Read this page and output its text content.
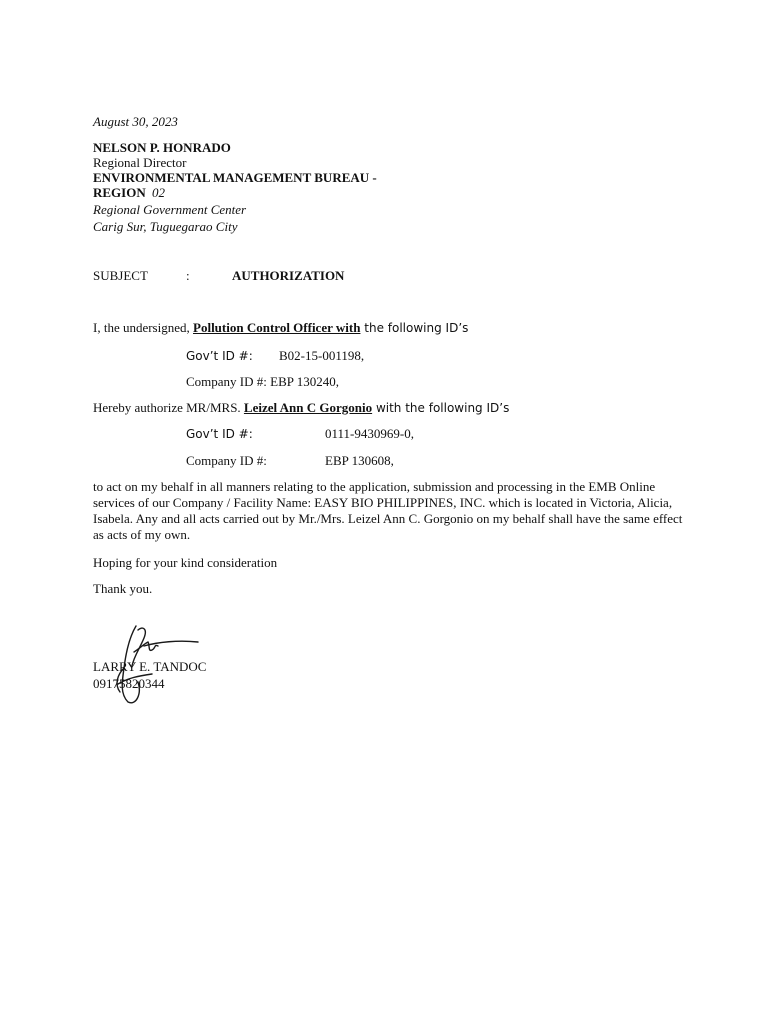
August 30, 2023
NELSON P. HONRADO
Regional Director
ENVIRONMENTAL MANAGEMENT BUREAU -
REGION 02
Regional Government Center
Carig Sur, Tuguegarao City
SUBJECT	:	AUTHORIZATION
I, the undersigned, Pollution Control Officer with the following ID’s
Gov’t ID #: B02-15-001198,
Company ID #: EBP 130240,
Hereby authorize MR/MRS. Leizel Ann C Gorgonio with the following ID’s
Gov’t ID #:	0111-9430969-0,
Company ID #:	EBP 130608,
to act on my behalf in all manners relating to the application, submission and processing in the EMB Online services of our Company / Facility Name: EASY BIO PHILIPPINES, INC. which is located in Victoria, Alicia, Isabela. Any and all acts carried out by Mr./Mrs. Leizel Ann C. Gorgonio on my behalf shall have the same effect as acts of my own.
Hoping for your kind consideration
Thank you.
LARRY E. TANDOC
09175820344
